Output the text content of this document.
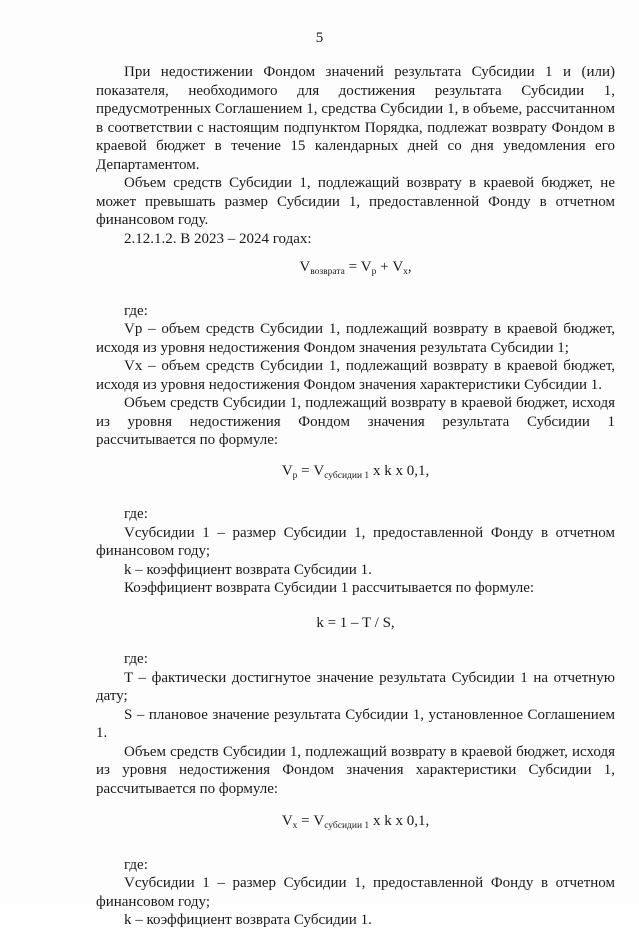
5

При недостижении Фондом значений результата Субсидии 1 и (или) показателя, необходимого для достижения результата Субсидии 1, предусмотренных Соглашением 1, средства Субсидии 1, в объеме, рассчитанном в соответствии с настоящим подпунктом Порядка, подлежат возврату Фондом в краевой бюджет в течение 15 календарных дней со дня уведомления его Департаментом.

Объем средств Субсидии 1, подлежащий возврату в краевой бюджет, не может превышать размер Субсидии 1, предоставленной Фонду в отчетном финансовом году.

2.12.1.2. В 2023 – 2024 годах:

$V_{возврата} = V_р + V_х$,

где:

Vр – объем средств Субсидии 1, подлежащий возврату в краевой бюджет, исходя из уровня недостижения Фондом значения результата Субсидии 1;

Vх – объем средств Субсидии 1, подлежащий возврату в краевой бюджет, исходя из уровня недостижения Фондом значения характеристики Субсидии 1.

Объем средств Субсидии 1, подлежащий возврату в краевой бюджет, исходя из уровня недостижения Фондом значения результата Субсидии 1 рассчитывается по формуле:

$V_р = V_{субсидии 1}$ x k x 0,1,

где:

Vсубсидии 1 – размер Субсидии 1, предоставленной Фонду в отчетном финансовом году;

k – коэффициент возврата Субсидии 1.

Коэффициент возврата Субсидии 1 рассчитывается по формуле:

k = 1 – T / S,

где:

T – фактически достигнутое значение результата Субсидии 1 на отчетную дату;

S – плановое значение результата Субсидии 1, установленное Соглашением 1.

Объем средств Субсидии 1, подлежащий возврату в краевой бюджет, исходя из уровня недостижения Фондом значения характеристики Субсидии 1, рассчитывается по формуле:

$V_х = V_{субсидии 1}$ x k x 0,1,

где:

Vсубсидии 1 – размер Субсидии 1, предоставленной Фонду в отчетном финансовом году;

k – коэффициент возврата Субсидии 1.
